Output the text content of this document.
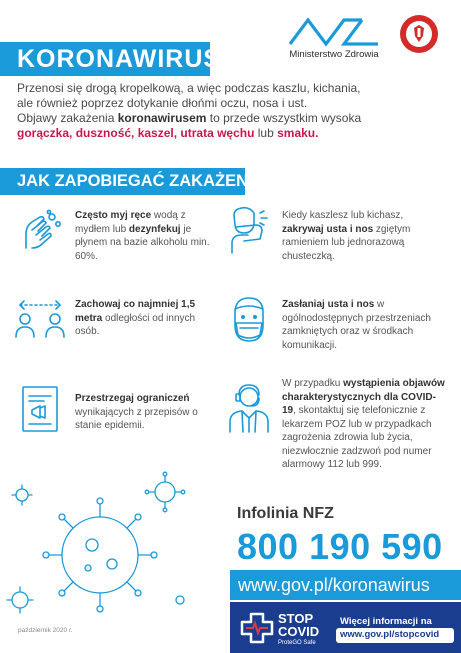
Ministerstwo Zdrowia
KORONAWIRUS
Przenosi się drogą kropelkową, a więc podczas kaszlu, kichania,
ale również poprzez dotykanie dłońmi oczu, nosa i ust.
Objawy zakażenia koronawirusem to przede wszystkim wysoka
gorączka, duszność, kaszel, utrata węchu lub smaku.
JAK ZAPOBIEGAĆ ZAKAŻENIU?
Często myj ręce wodą z mydłem lub dezynfekuj je płynem na bazie alkoholu min. 60%.
Kiedy kaszlesz lub kichasz, zakrywaj usta i nos zgiętym ramieniem lub jednorazową chusteczką.
Zachowaj co najmniej 1,5 metra odległości od innych osób.
Zasłaniaj usta i nos w ogólnodostępnych przestrzeniach zamkniętych oraz w środkach komunikacji.
Przestrzegaj ograniczeń wynikających z przepisów o stanie epidemii.
W przypadku wystąpienia objawów charakterystycznych dla COVID-19, skontaktuj się telefonicznie z lekarzem POZ lub w przypadkach zagrożenia zdrowia lub życia, niezwłocznie zadzwoń pod numer alarmowy 112 lub 999.
Infolinia NFZ
800 190 590
www.gov.pl/koronawirus
STOP
COVID
ProteGO Safe
Więcej informacji na
www.gov.pl/stopcovid
październik 2020 r.
